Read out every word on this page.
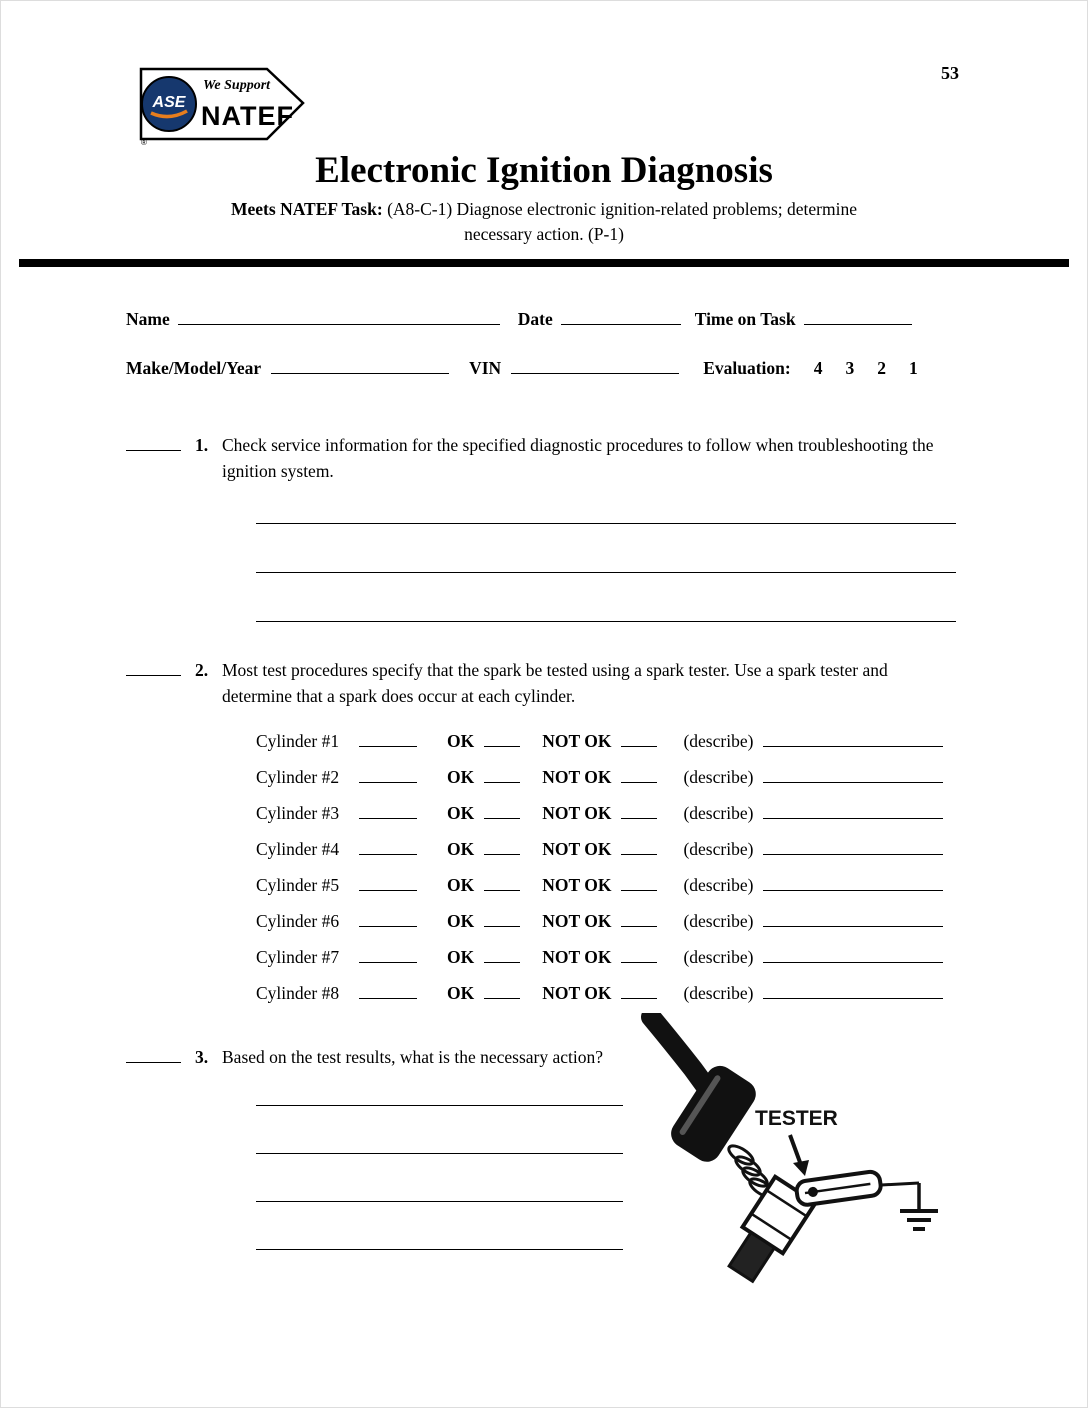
53
ASE
We Support
NATEF
®
Electronic Ignition Diagnosis
Meets NATEF Task: (A8-C-1) Diagnose electronic ignition-related problems; determine
necessary action. (P-1)
Name	Date	Time on Task
Make/Model/Year	VIN	Evaluation: 4 3 2 1
1. Check service information for the specified diagnostic procedures to follow when troubleshooting the ignition system.
2. Most test procedures specify that the spark be tested using a spark tester. Use a spark tester and determine that a spark does occur at each cylinder.
Cylinder #1	OK	NOT OK	(describe)
Cylinder #2	OK	NOT OK	(describe)
Cylinder #3	OK	NOT OK	(describe)
Cylinder #4	OK	NOT OK	(describe)
Cylinder #5	OK	NOT OK	(describe)
Cylinder #6	OK	NOT OK	(describe)
Cylinder #7	OK	NOT OK	(describe)
Cylinder #8	OK	NOT OK	(describe)
3. Based on the test results, what is the necessary action?
TESTER
